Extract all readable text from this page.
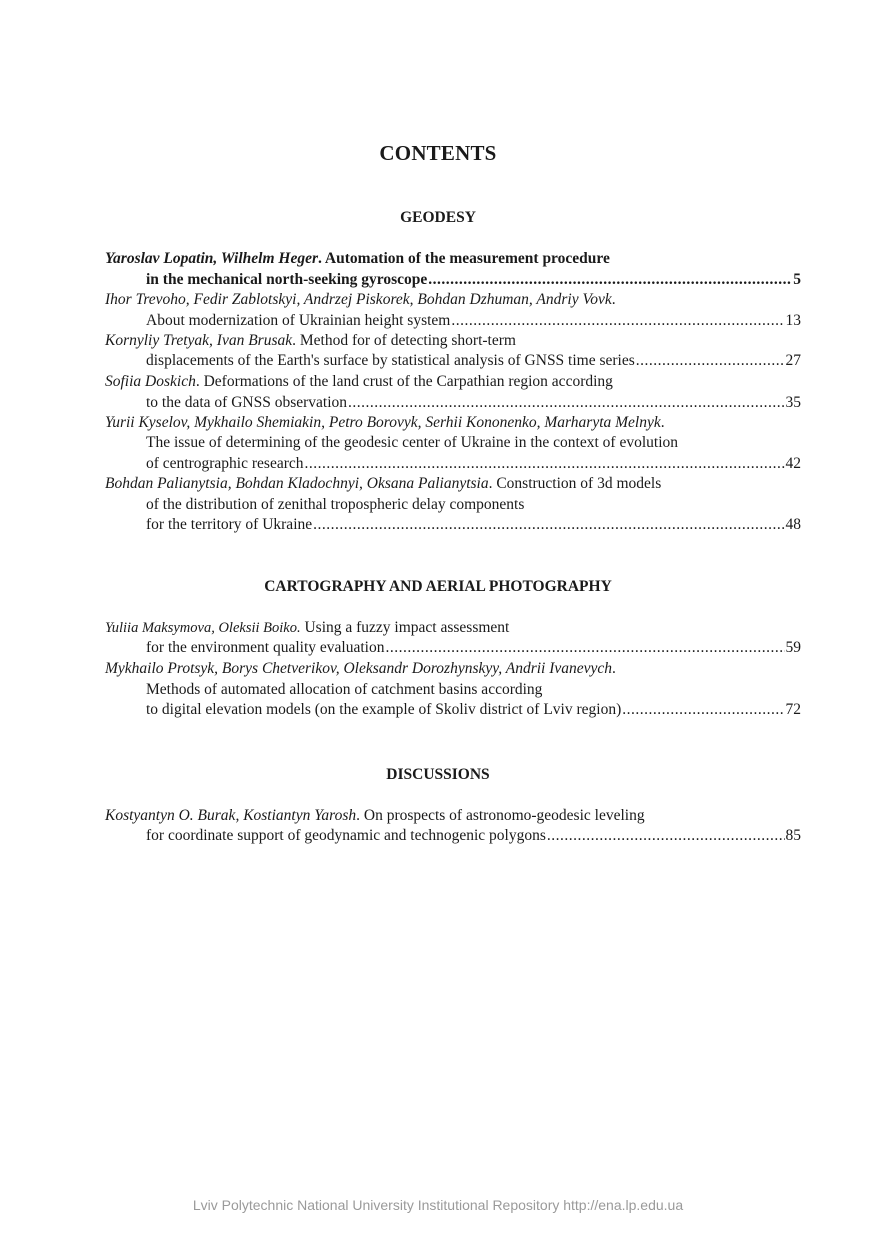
CONTENTS
GEODESY
Yaroslav Lopatin, Wilhelm Heger. Automation of the measurement procedure
in the mechanical north-seeking gyroscope .....	5
Ihor Trevoho, Fedir Zablotskyi, Andrzej Piskorek, Bohdan Dzhuman, Andriy Vovk.
About modernization of Ukrainian height system .....	13
Kornyliy Tretyak, Ivan Brusak. Method for of detecting short-term
displacements of the Earth's surface by statistical analysis of GNSS time series .....	27
Sofiia Doskich. Deformations of the land crust of the Carpathian region according
to the data of GNSS observation .....	35
Yurii Kyselov, Mykhailo Shemiakin, Petro Borovyk, Serhii Kononenko, Marharyta Melnyk.
The issue of determining of the geodesic center of Ukraine in the context of evolution
of centrographic research .....	42
Bohdan Palianytsia, Bohdan Kladochnyi, Oksana Palianytsia. Construction of 3d models
of the distribution of zenithal tropospheric delay components
for the territory of Ukraine .....	48
CARTOGRAPHY AND AERIAL PHOTOGRAPHY
Yuliia Maksymova, Oleksii Boiko. Using a fuzzy impact assessment
for the environment quality evaluation .....	59
Mykhailo Protsyk, Borys Chetverikov, Oleksandr Dorozhynskyy, Andrii Ivanevych.
Methods of automated allocation of catchment basins according
to digital elevation models (on the example of Skoliv district of Lviv region) .....	72
DISCUSSIONS
Kostyantyn O. Burak, Kostiantyn Yarosh. On prospects of astronomo-geodesic leveling
for coordinate support of geodynamic and technogenic polygons .....	85
Lviv Polytechnic National University Institutional Repository http://ena.lp.edu.ua
